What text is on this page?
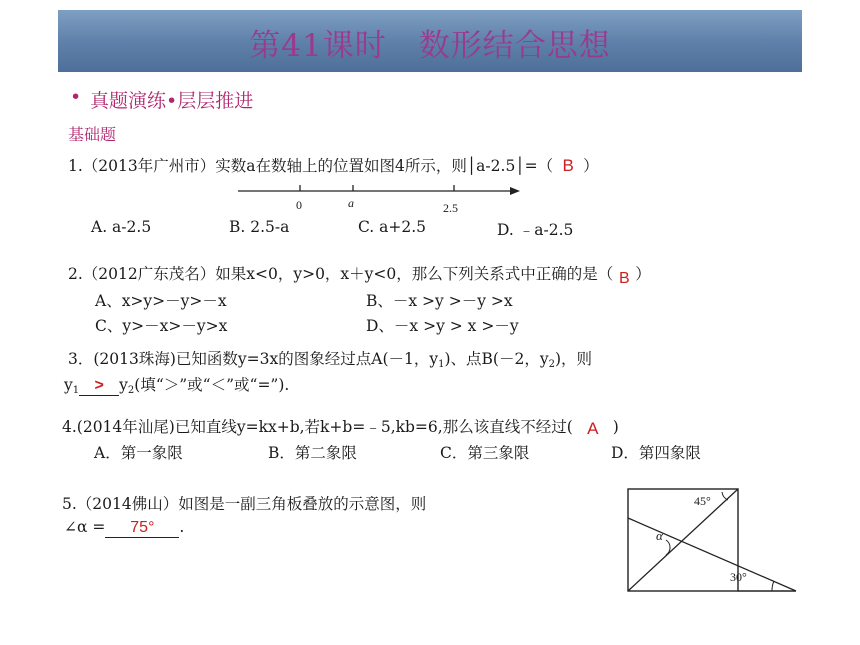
第41课时　数形结合思想
• 真题演练•层层推进
基础题
1.（2013年广州市）实数a在数轴上的位置如图4所示，则│a-2.5│=（ B ）
0	a	2.5
A. a-2.5	B. 2.5-a	C. a+2.5	D. ﹣a-2.5
2.（2012广东茂名）如果x<0，y>0，x＋y<0，那么下列关系式中正确的是（ B ）
A、x>y>－y>－x	B、－x >y >－y >x
C、y>－x>－y>x	D、－x >y > x >－y
3．(2013珠海)已知函数y=3x的图象经过点A(－1，$y_1$)、点B(－2，$y_2$)，则
$y_1 > y_2$(填“＞”或“＜”或“=”).
4.(2014年汕尾)已知直线y=kx+b,若k+b=﹣5,kb=6,那么该直线不经过( A )
A．第一象限	B．第二象限	C．第三象限	D．第四象限
5.（2014佛山）如图是一副三角板叠放的示意图，则
∠α = 75° .
45°
α
30°
